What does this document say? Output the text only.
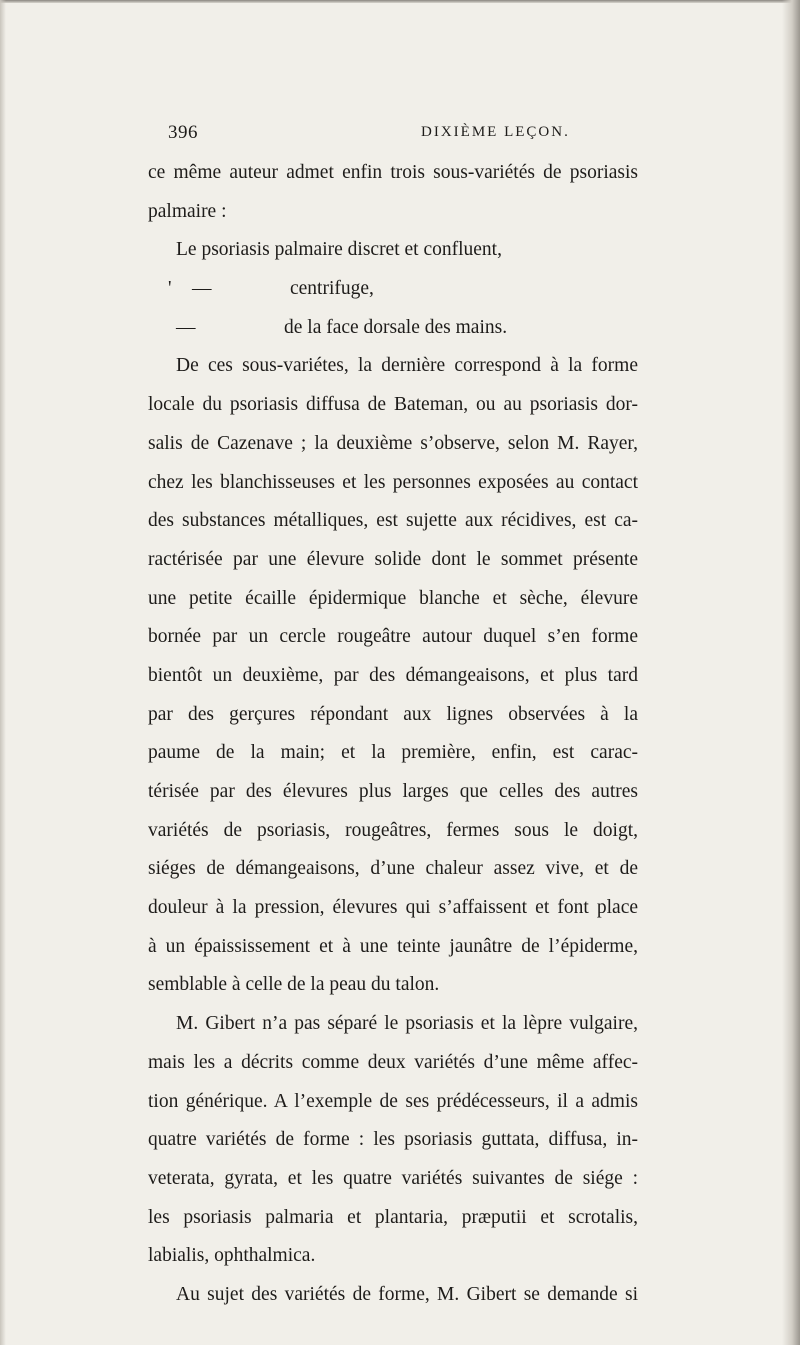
396	DIXIÈME LEÇON.
ce même auteur admet enfin trois sous-variétés de psoriasis
palmaire :
Le psoriasis palmaire discret et confluent,
' —	centrifuge,
—	de la face dorsale des mains.
De ces sous-variétes, la dernière correspond à la forme
locale du psoriasis diffusa de Bateman, ou au psoriasis dor-
salis de Cazenave ; la deuxième s’observe, selon M. Rayer,
chez les blanchisseuses et les personnes exposées au contact
des substances métalliques, est sujette aux récidives, est ca-
ractérisée par une élevure solide dont le sommet présente
une petite écaille épidermique blanche et sèche, élevure
bornée par un cercle rougeâtre autour duquel s’en forme
bientôt un deuxième, par des démangeaisons, et plus tard
par des gerçures répondant aux lignes observées à la
paume de la main; et la première, enfin, est carac-
térisée par des élevures plus larges que celles des autres
variétés de psoriasis, rougeâtres, fermes sous le doigt,
siéges de démangeaisons, d’une chaleur assez vive, et de
douleur à la pression, élevures qui s’affaissent et font place
à un épaississement et à une teinte jaunâtre de l’épiderme,
semblable à celle de la peau du talon.
M. Gibert n’a pas séparé le psoriasis et la lèpre vulgaire,
mais les a décrits comme deux variétés d’une même affec-
tion générique. A l’exemple de ses prédécesseurs, il a admis
quatre variétés de forme : les psoriasis guttata, diffusa, in-
veterata, gyrata, et les quatre variétés suivantes de siége :
les psoriasis palmaria et plantaria, præputii et scrotalis,
labialis, ophthalmica.
Au sujet des variétés de forme, M. Gibert se demande si
